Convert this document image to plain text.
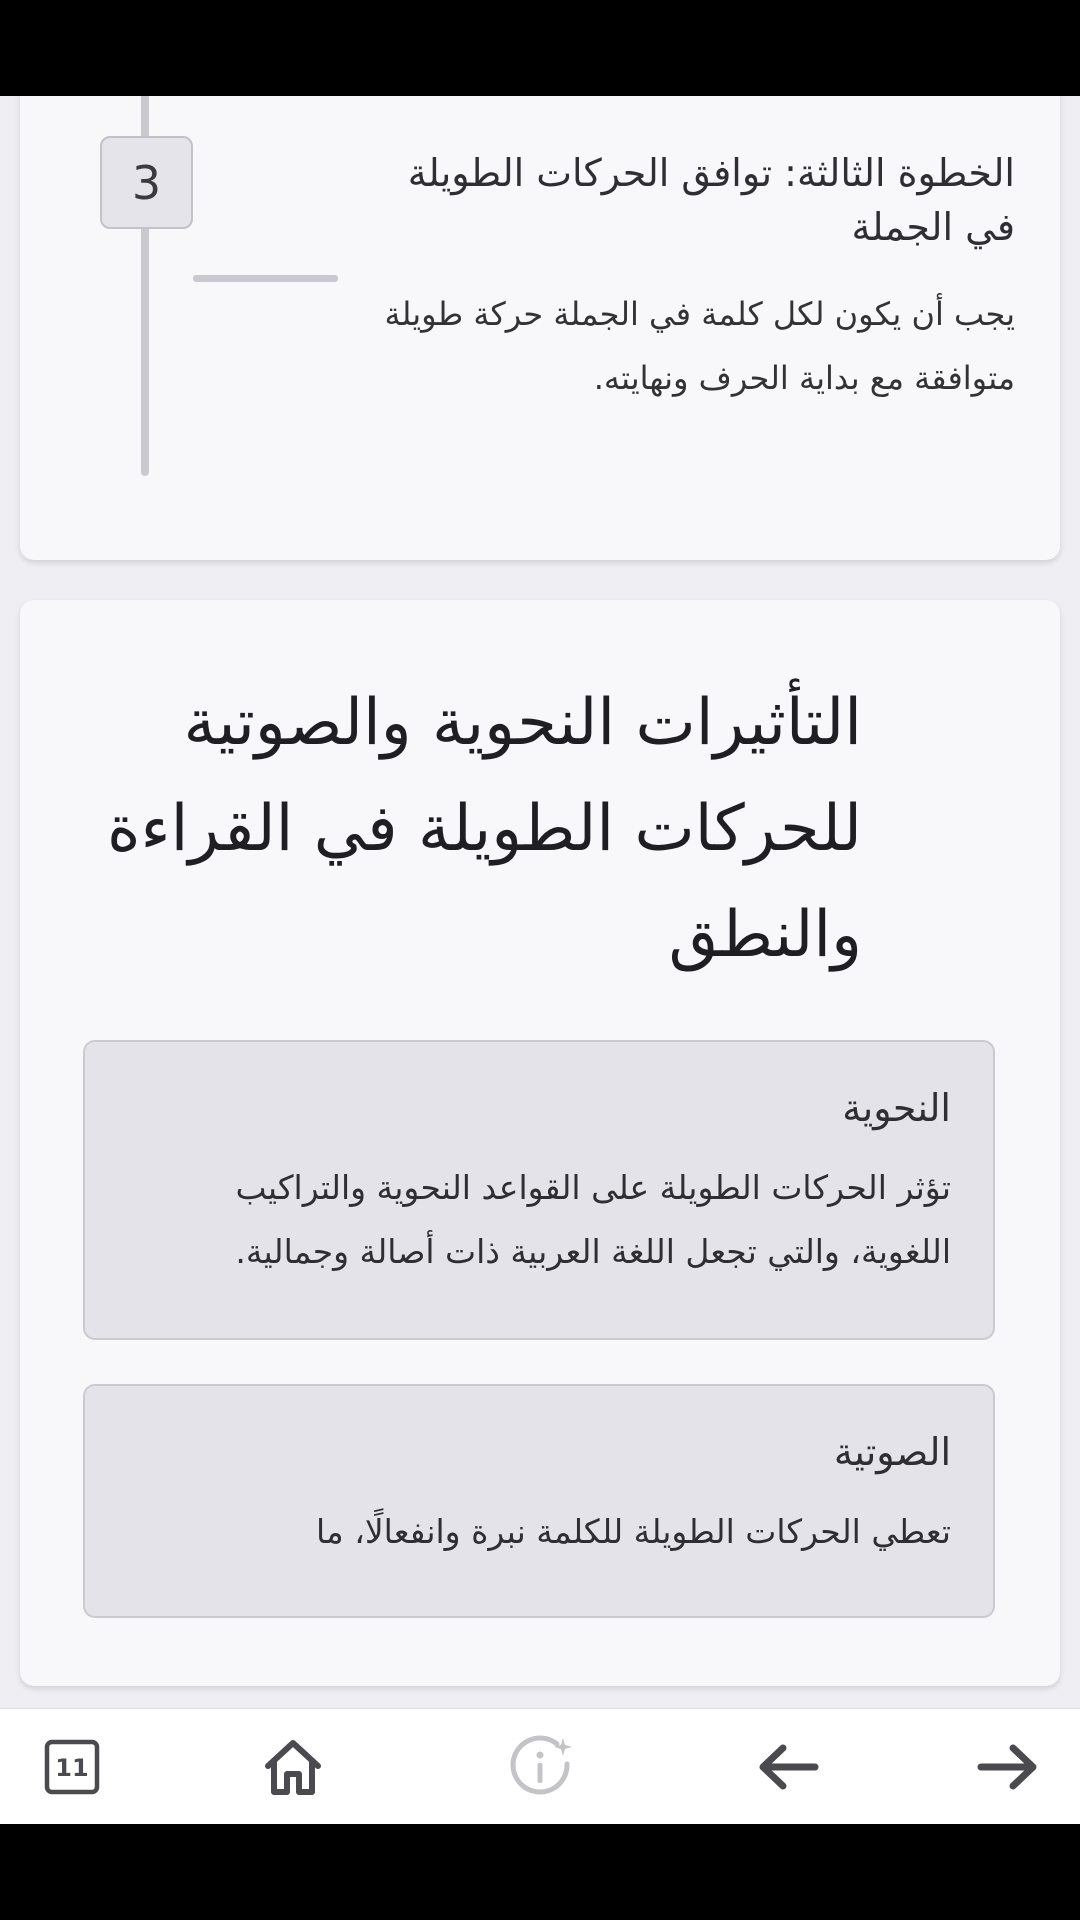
3	الخطوة الثالثة: توافق الحركات الطويلة في الجملة
يجب أن يكون لكل كلمة في الجملة حركة طويلة متوافقة مع بداية الحرف ونهايته.
التأثيرات النحوية والصوتية للحركات الطويلة في القراءة والنطق
النحوية
تؤثر الحركات الطويلة على القواعد النحوية والتراكيب اللغوية، والتي تجعل اللغة العربية ذات أصالة وجمالية.
الصوتية
تعطي الحركات الطويلة للكلمة نبرة وانفعالًا، ما
11
